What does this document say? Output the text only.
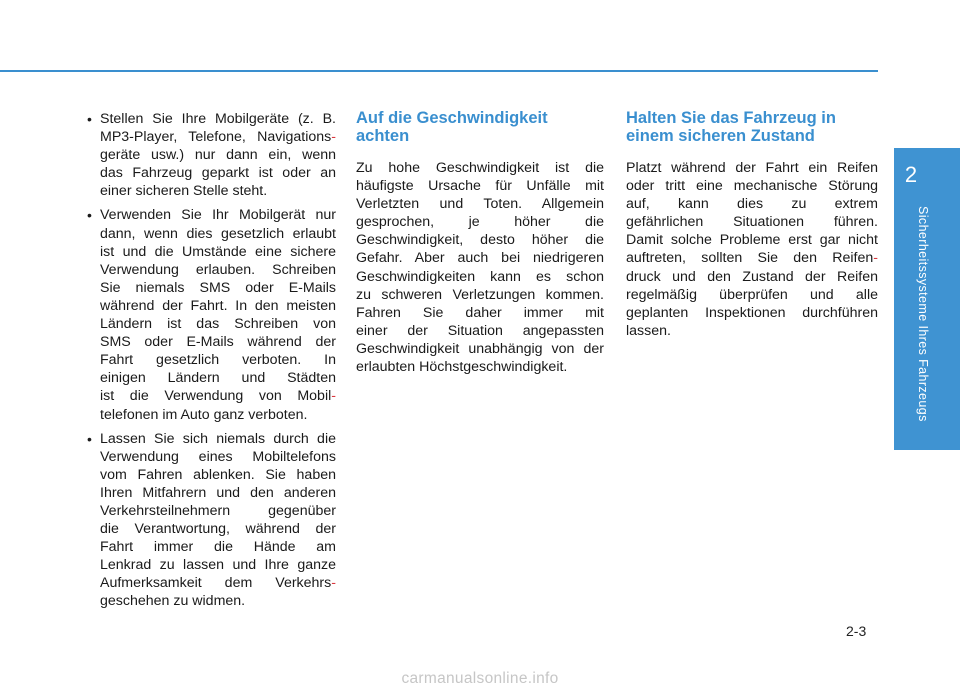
2
Sicherheitssysteme Ihres Fahrzeugs
• Stellen Sie Ihre Mobilgeräte (z. B.
MP3-Player, Telefone, Navigations-
geräte usw.) nur dann ein, wenn
das Fahrzeug geparkt ist oder an
einer sicheren Stelle steht.
• Verwenden Sie Ihr Mobilgerät nur
dann, wenn dies gesetzlich erlaubt
ist und die Umstände eine sichere
Verwendung erlauben. Schreiben
Sie niemals SMS oder E-Mails
während der Fahrt. In den meisten
Ländern ist das Schreiben von
SMS oder E-Mails während der
Fahrt gesetzlich verboten. In
einigen Ländern und Städten
ist die Verwendung von Mobil-
telefonen im Auto ganz verboten.
• Lassen Sie sich niemals durch die
Verwendung eines Mobiltelefons
vom Fahren ablenken. Sie haben
Ihren Mitfahrern und den anderen
Verkehrsteilnehmern gegenüber
die Verantwortung, während der
Fahrt immer die Hände am
Lenkrad zu lassen und Ihre ganze
Aufmerksamkeit dem Verkehrs-
geschehen zu widmen.
Auf die Geschwindigkeit
achten
Zu hohe Geschwindigkeit ist die
häufigste Ursache für Unfälle mit
Verletzten und Toten. Allgemein
gesprochen, je höher die
Geschwindigkeit, desto höher die
Gefahr. Aber auch bei niedrigeren
Geschwindigkeiten kann es schon
zu schweren Verletzungen kommen.
Fahren Sie daher immer mit
einer der Situation angepassten
Geschwindigkeit unabhängig von der
erlaubten Höchstgeschwindigkeit.
Halten Sie das Fahrzeug in
einem sicheren Zustand
Platzt während der Fahrt ein Reifen
oder tritt eine mechanische Störung
auf, kann dies zu extrem
gefährlichen Situationen führen.
Damit solche Probleme erst gar nicht
auftreten, sollten Sie den Reifen-
druck und den Zustand der Reifen
regelmäßig überprüfen und alle
geplanten Inspektionen durchführen
lassen.
2-3
carmanualsonline.info
